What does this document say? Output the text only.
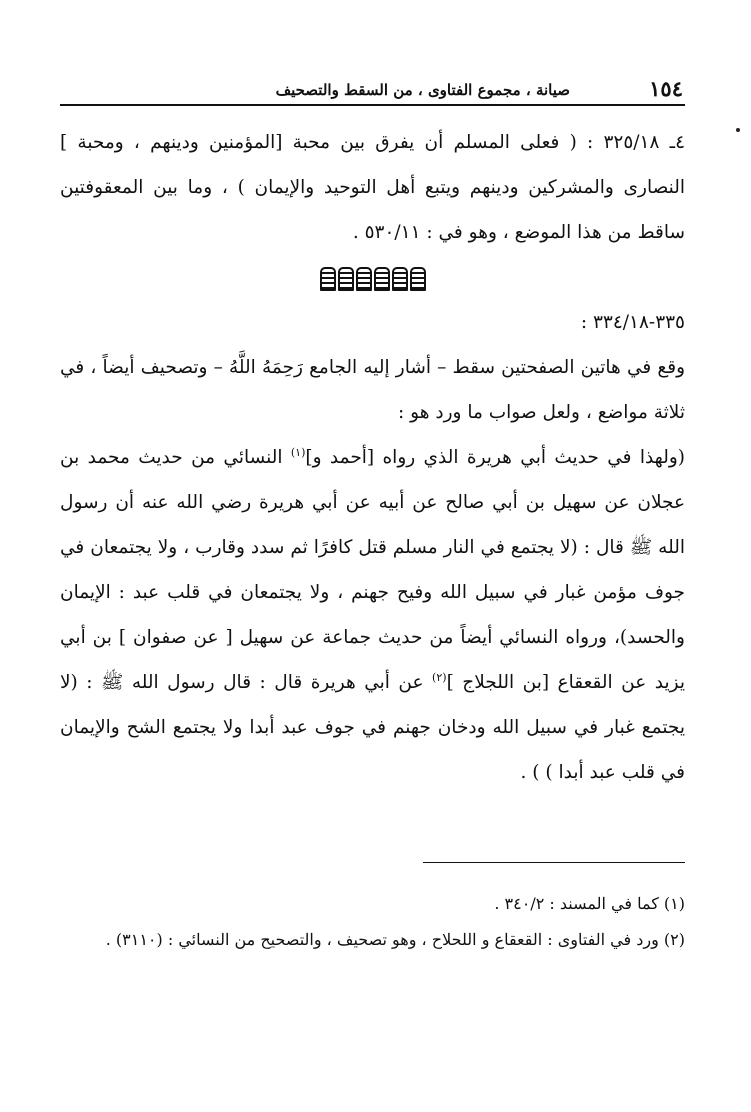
١٥٤
صيانة ، مجموع الفتاوى ، من السقط والتصحيف

٤ـ ٣٢٥/١٨ : ( فعلى المسلم أن يفرق بين محبة [المؤمنين ودينهم ، ومحبة ] النصارى والمشركين ودينهم ويتبع أهل التوحيد والإيمان ) ، وما بين المعقوفتين ساقط من هذا الموضع ، وهو في : ٥٣٠/١١ .

٣٣٥-٣٣٤/١٨ :

وقع في هاتين الصفحتين سقط – أشار إليه الجامع رَحِمَهُ اللَّهُ – وتصحيف أيضاً ، في ثلاثة مواضع ، ولعل صواب ما ورد هو :

(ولهذا في حديث أبي هريرة الذي رواه [أحمد و]$^{(١)}$ النسائي من حديث محمد بن عجلان عن سهيل بن أبي صالح عن أبيه عن أبي هريرة رضي الله عنه أن رسول الله ﷺ قال : (لا يجتمع في النار مسلم قتل كافرًا ثم سدد وقارب ، ولا يجتمعان في جوف مؤمن غبار في سبيل الله وفيح جهنم ، ولا يجتمعان في قلب عبد : الإيمان والحسد)، ورواه النسائي أيضاً من حديث جماعة عن سهيل [ عن صفوان ] بن أبي يزيد عن القعقاع [بن اللجلاج ]$^{(٢)}$ عن أبي هريرة قال : قال رسول الله ﷺ : (لا يجتمع غبار في سبيل الله ودخان جهنم في جوف عبد أبدا ولا يجتمع الشح والإيمان في قلب عبد أبدا ) ) .

(١) كما في المسند : ٣٤٠/٢ .

(٢) ورد في الفتاوى : القعقاع و اللحلاح ، وهو تصحيف ، والتصحيح من النسائي : (٣١١٠) .
